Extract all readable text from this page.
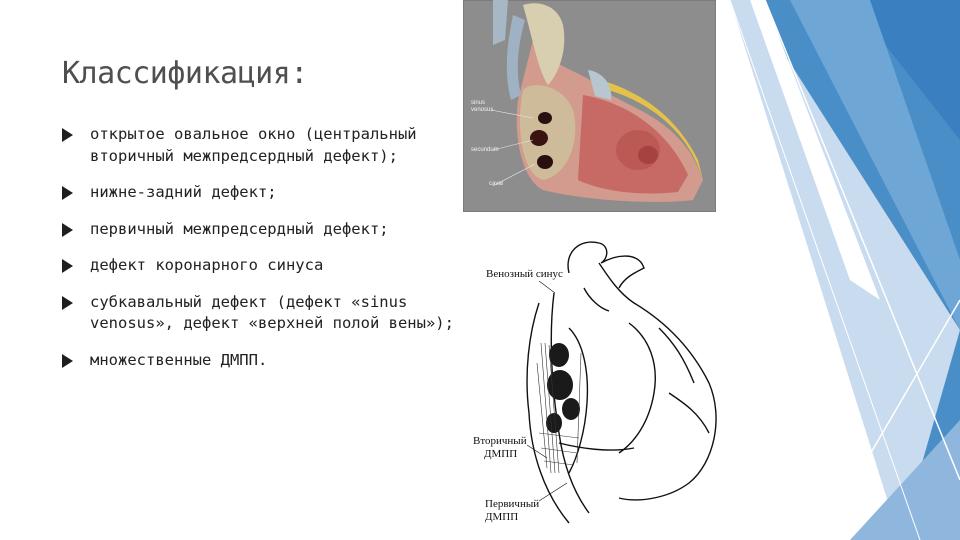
Классификация:
открытое овальное окно (центральный вторичный межпредсердный дефект);
нижне-задний дефект;
первичный межпредсердный дефект;
дефект коронарного синуса
субкавальный дефект (дефект «sinus venosus», дефект «верхней полой вены»);
множественные ДМПП.
sinus
venosus
secundum
caval
Венозный синус
Вторичный
ДМПП
Первичный
ДМПП
